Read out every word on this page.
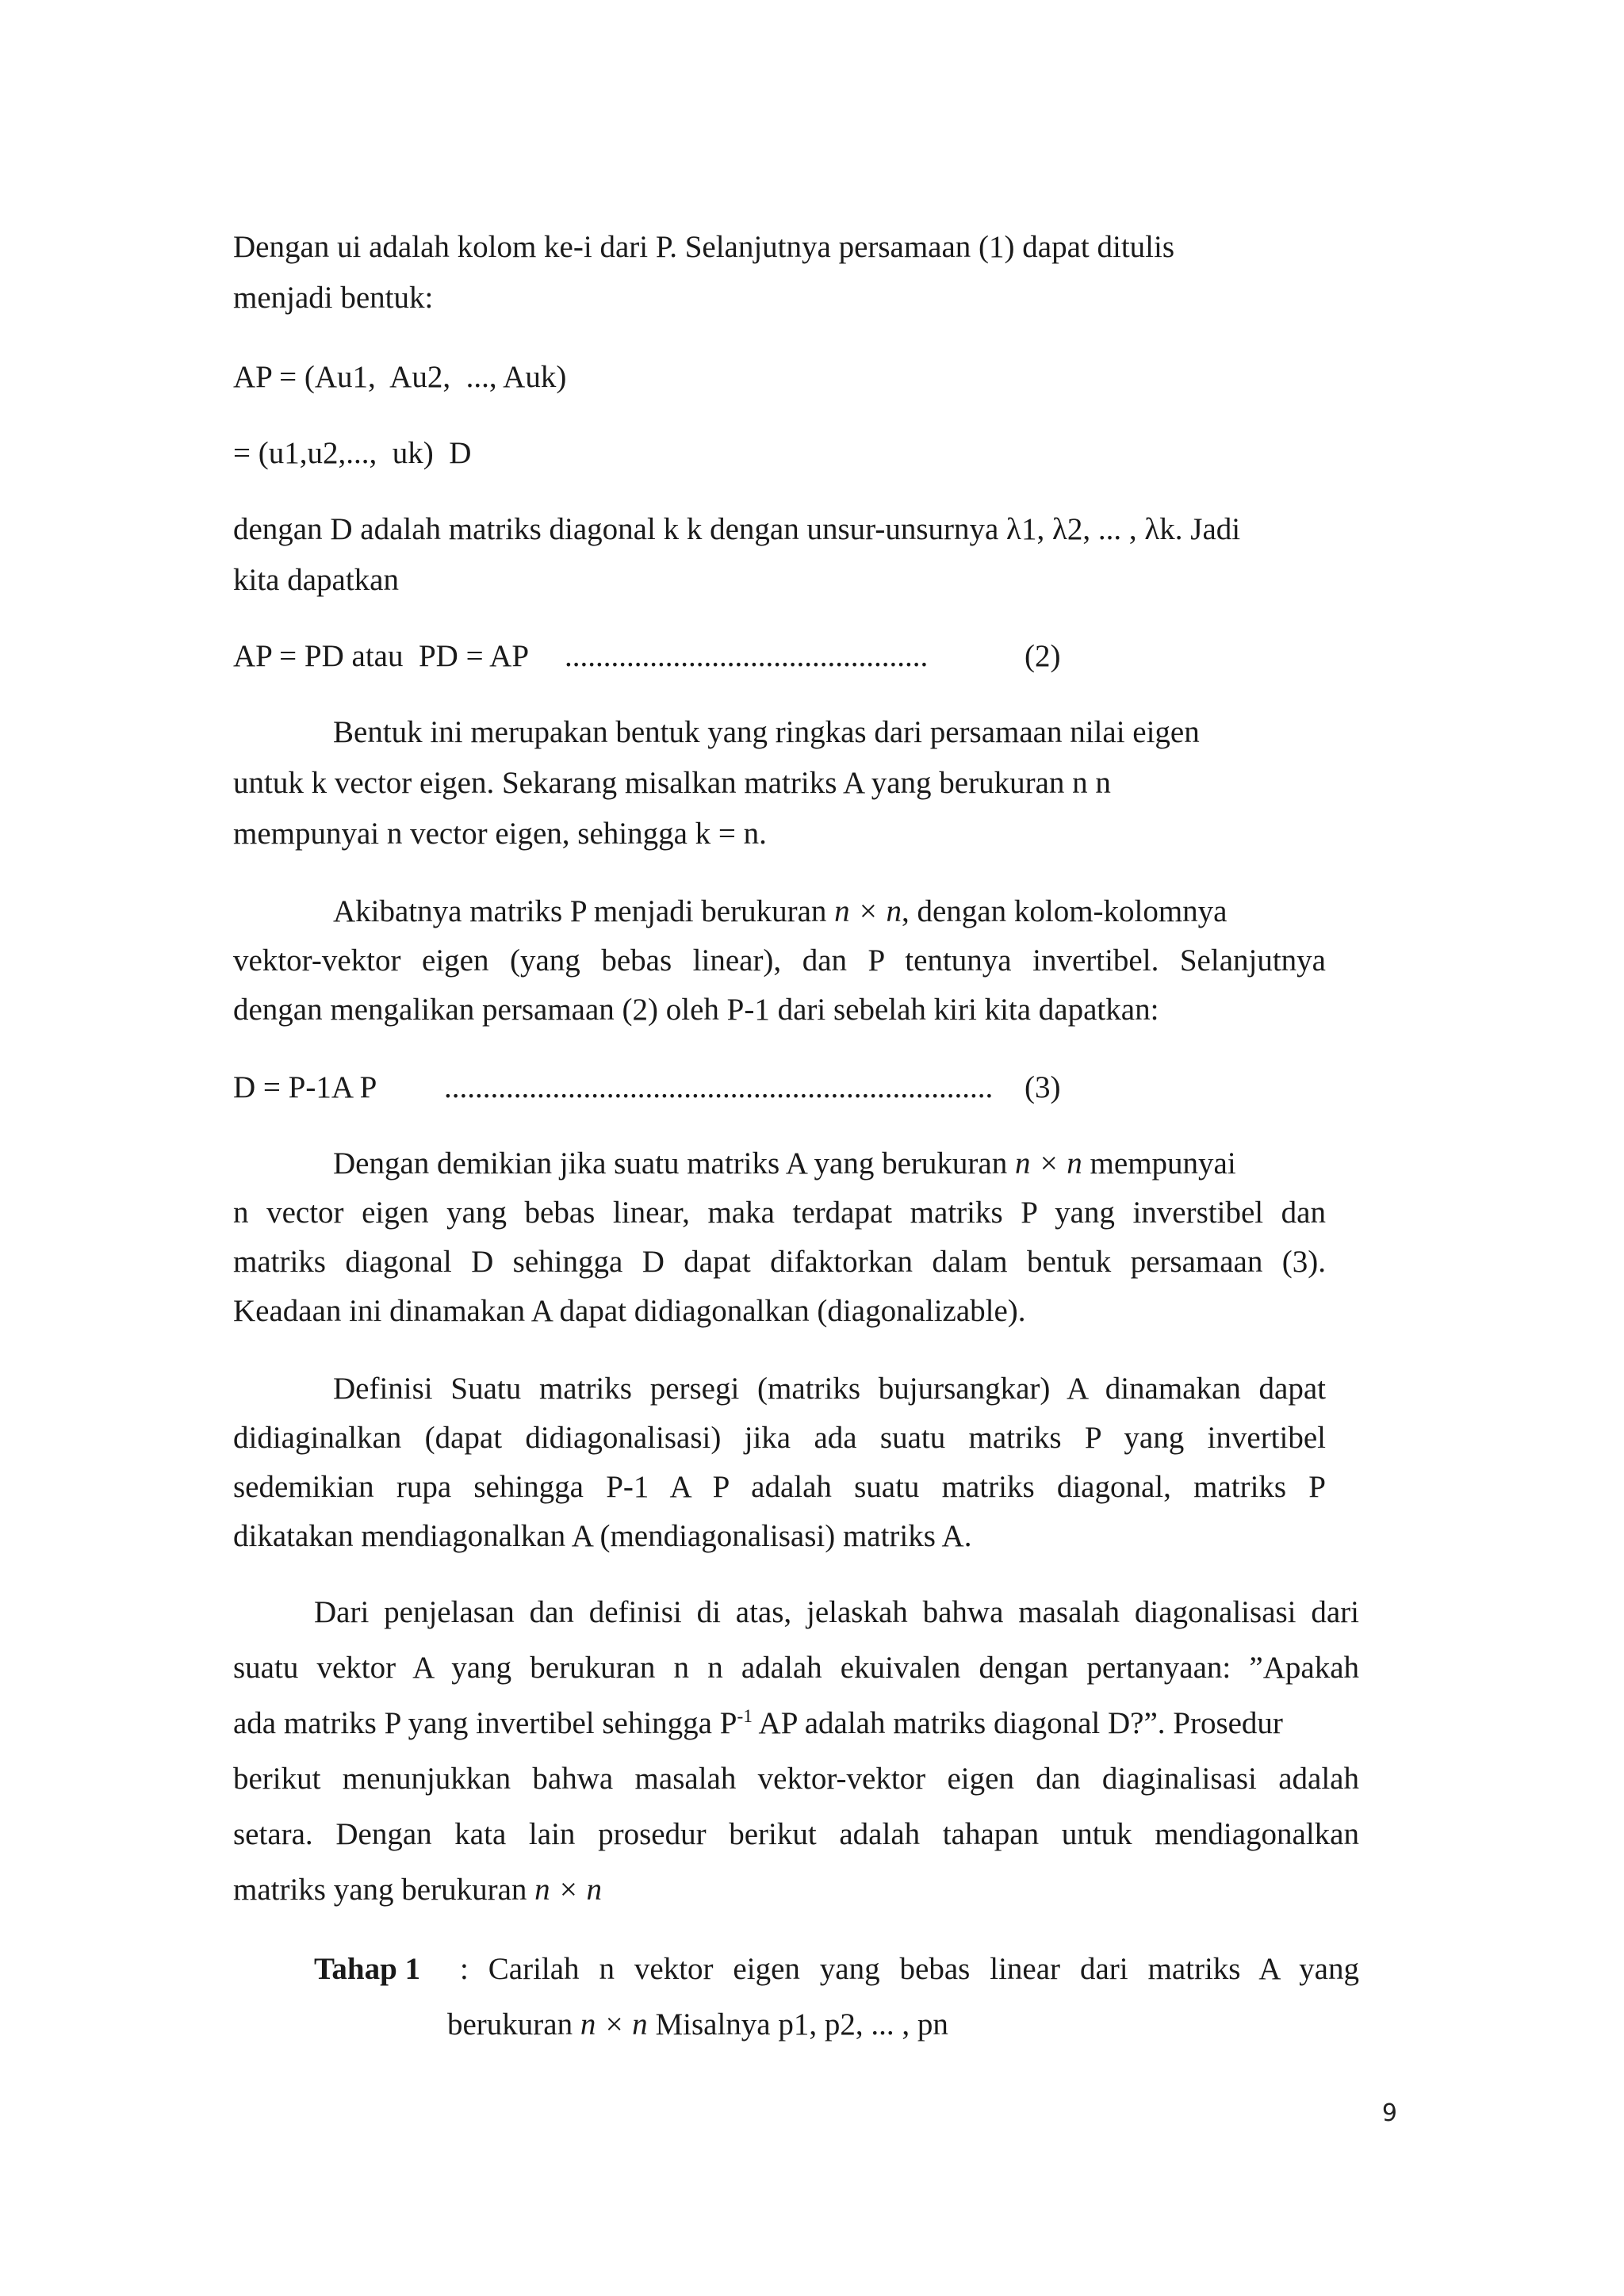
Dengan ui adalah kolom ke-i dari P. Selanjutnya persamaan (1) dapat ditulis

menjadi bentuk:

AP = (Au1,  Au2,  ..., Auk)

= (u1,u2,...,  uk)  D

dengan D adalah matriks diagonal k k dengan unsur-unsurnya λ1, λ2, ... , λk. Jadi

kita dapatkan

AP = PD atau  PD = AP ...............................................	(2)

Bentuk ini merupakan bentuk yang ringkas dari persamaan nilai eigen

untuk k vector eigen. Sekarang misalkan matriks A yang berukuran n n

mempunyai n vector eigen, sehingga k = n.

Akibatnya matriks P menjadi berukuran n × n, dengan kolom-kolomnya

vektor-vektor eigen (yang bebas linear), dan P tentunya invertibel. Selanjutnya

dengan mengalikan persamaan (2) oleh P-1 dari sebelah kiri kita dapatkan:

D = P-1A P ....................................................................... (3)

Dengan demikian jika suatu matriks A yang berukuran n × n mempunyai

n vector eigen yang bebas linear, maka terdapat matriks P yang inverstibel dan

matriks diagonal D sehingga D dapat difaktorkan dalam bentuk persamaan (3).

Keadaan ini dinamakan A dapat didiagonalkan (diagonalizable).

Definisi Suatu matriks persegi (matriks bujursangkar) A dinamakan dapat

didiaginalkan (dapat didiagonalisasi) jika ada suatu matriks P yang invertibel

sedemikian rupa sehingga P-1 A P adalah suatu matriks diagonal, matriks P

dikatakan mendiagonalkan A (mendiagonalisasi) matriks A.

Dari penjelasan dan definisi di atas, jelaskah bahwa masalah diagonalisasi dari

suatu vektor A yang berukuran n n adalah ekuivalen dengan pertanyaan: ”Apakah

ada matriks P yang invertibel sehingga $P^{-1}$ AP adalah matriks diagonal D?”. Prosedur

berikut menunjukkan bahwa masalah vektor-vektor eigen dan diaginalisasi adalah

setara. Dengan kata lain prosedur berikut adalah tahapan untuk mendiagonalkan

matriks yang berukuran n × n

Tahap 1 : Carilah n vektor eigen yang bebas linear dari matriks A yang

berukuran n × n Misalnya p1, p2, ... , pn

9
